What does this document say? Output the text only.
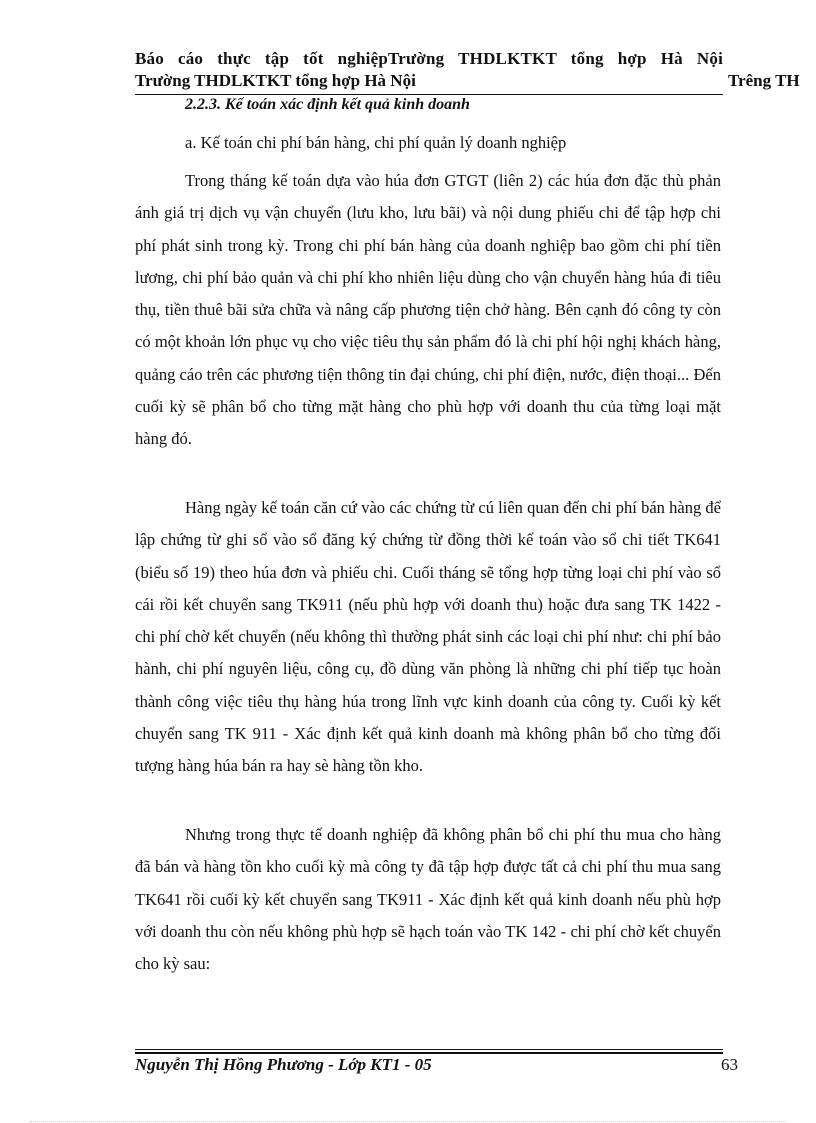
Báo cáo thực tập tốt nghiệpTrường THDLKTKT tổng hợp Hà Nội
Trường THDLKTKT tổng hợp Hà Nội	Trêng TH
2.2.3. Kế toán xác định kết quả kinh doanh
a. Kế toán chi phí bán hàng, chi phí quản lý doanh nghiệp

Trong tháng kế toán dựa vào húa đơn GTGT (liên 2) các húa đơn đặc thù phản ánh giá trị dịch vụ vận chuyển (lưu kho, lưu bãi) và nội dung phiếu chi để tập hợp chi phí phát sinh trong kỳ. Trong chi phí bán hàng của doanh nghiệp bao gồm chi phí tiền lương, chi phí bảo quản và chi phí kho nhiên liệu dùng cho vận chuyển hàng húa đi tiêu thụ, tiền thuê bãi sửa chữa và nâng cấp phương tiện chở hàng. Bên cạnh đó công ty còn có một khoản lớn phục vụ cho việc tiêu thụ sản phẩm đó là chi phí hội nghị khách hàng, quảng cáo trên các phương tiện thông tin đại chúng, chi phí điện, nước, điện thoại... Đến cuối kỳ sẽ phân bổ cho từng mặt hàng cho phù hợp với doanh thu của từng loại mặt hàng đó.

Hàng ngày kế toán căn cứ vào các chứng từ cú liên quan đến chi phí bán hàng để lập chứng từ ghi sổ vào sổ đăng ký chứng từ đồng thời kế toán vào sổ chi tiết TK641 (biểu số 19) theo húa đơn và phiếu chi. Cuối tháng sẽ tổng hợp từng loại chi phí vào sổ cái rồi kết chuyển sang TK911 (nếu phù hợp với doanh thu) hoặc đưa sang TK 1422 - chi phí chờ kết chuyển (nếu không thì thường phát sinh các loại chi phí như: chi phí bảo hành, chi phí nguyên liệu, công cụ, đồ dùng văn phòng là những chi phí tiếp tục hoàn thành công việc tiêu thụ hàng húa trong lĩnh vực kinh doanh của công ty. Cuối kỳ kết chuyển sang TK 911 - Xác định kết quả kinh doanh mà không phân bổ cho từng đối tượng hàng húa bán ra hay sè hàng tồn kho.

Nhưng trong thực tế doanh nghiệp đã không phân bổ chi phí thu mua cho hàng đã bán và hàng tồn kho cuối kỳ mà công ty đã tập hợp được tất cả chi phí thu mua sang TK641 rồi cuối kỳ kết chuyển sang TK911 - Xác định kết quả kinh doanh nếu phù hợp với doanh thu còn nếu không phù hợp sẽ hạch toán vào TK 142 - chi phí chờ kết chuyển cho kỳ sau:

Nguyễn Thị Hồng Phương - Lớp KT1 - 05	63
